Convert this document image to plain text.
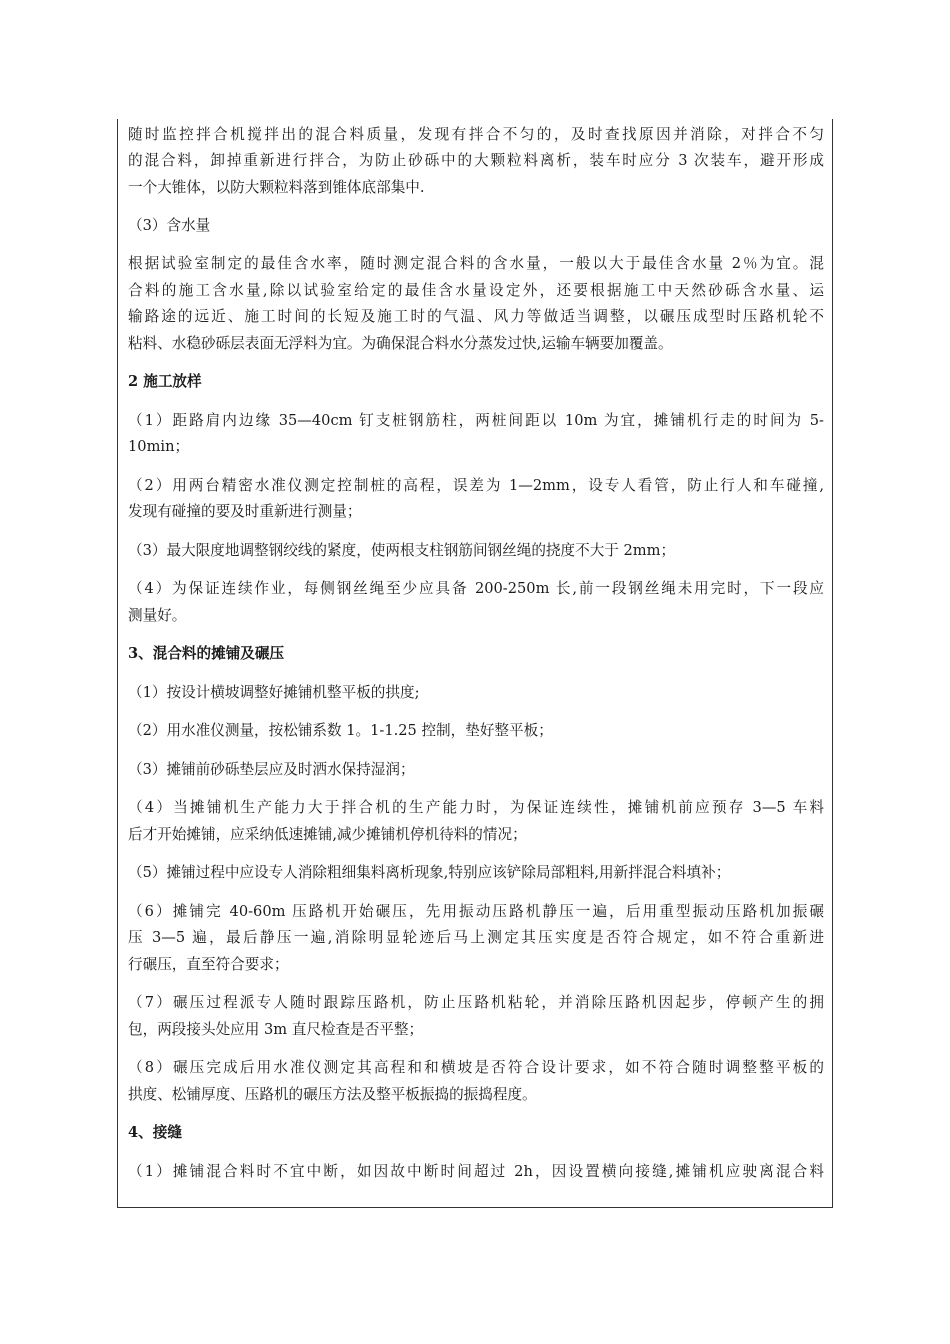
随时监控拌合机搅拌出的混合料质量，发现有拌合不匀的，及时查找原因并消除，对拌合不匀
的混合料，卸掉重新进行拌合，为防止砂砾中的大颗粒料离析，装车时应分 3 次装车，避开形成
一个大锥体，以防大颗粒料落到锥体底部集中.
（3）含水量
根据试验室制定的最佳含水率，随时测定混合料的含水量，一般以大于最佳含水量 2％为宜。混
合料的施工含水量,除以试验室给定的最佳含水量设定外，还要根据施工中天然砂砾含水量、运
输路途的远近、施工时间的长短及施工时的气温、风力等做适当调整，以碾压成型时压路机轮不
粘料、水稳砂砾层表面无浮料为宜。为确保混合料水分蒸发过快,运输车辆要加覆盖。
2 施工放样
（1）距路肩内边缘 35—40cm 钉支桩钢筋柱，两桩间距以 10m 为宜，摊铺机行走的时间为 5-
10min；
（2）用两台精密水准仪测定控制桩的高程，误差为 1—2mm，设专人看管，防止行人和车碰撞,
发现有碰撞的要及时重新进行测量；
（3）最大限度地调整钢绞线的紧度，使两根支柱钢筋间钢丝绳的挠度不大于 2mm；
（4）为保证连续作业，每侧钢丝绳至少应具备 200-250m 长,前一段钢丝绳未用完时，下一段应
测量好。
3、混合料的摊铺及碾压
（1）按设计横坡调整好摊铺机整平板的拱度;
（2）用水准仪测量，按松铺系数 1。1-1.25 控制，垫好整平板；
（3）摊铺前砂砾垫层应及时洒水保持湿润；
（4）当摊铺机生产能力大于拌合机的生产能力时，为保证连续性，摊铺机前应预存 3—5 车料
后才开始摊铺，应采纳低速摊铺,减少摊铺机停机待料的情况；
（5）摊铺过程中应设专人消除粗细集料离析现象,特别应该铲除局部粗料,用新拌混合料填补；
（6）摊铺完 40-60m 压路机开始碾压，先用振动压路机静压一遍，后用重型振动压路机加振碾
压 3—5 遍，最后静压一遍,消除明显轮迹后马上测定其压实度是否符合规定，如不符合重新进
行碾压，直至符合要求；
（7）碾压过程派专人随时跟踪压路机，防止压路机粘轮，并消除压路机因起步，停顿产生的拥
包，两段接头处应用 3m 直尺检查是否平整；
（8）碾压完成后用水准仪测定其高程和和横坡是否符合设计要求，如不符合随时调整整平板的
拱度、松铺厚度、压路机的碾压方法及整平板振捣的振捣程度。
4、接缝
（1）摊铺混合料时不宜中断，如因故中断时间超过 2h，因设置横向接缝,摊铺机应驶离混合料
